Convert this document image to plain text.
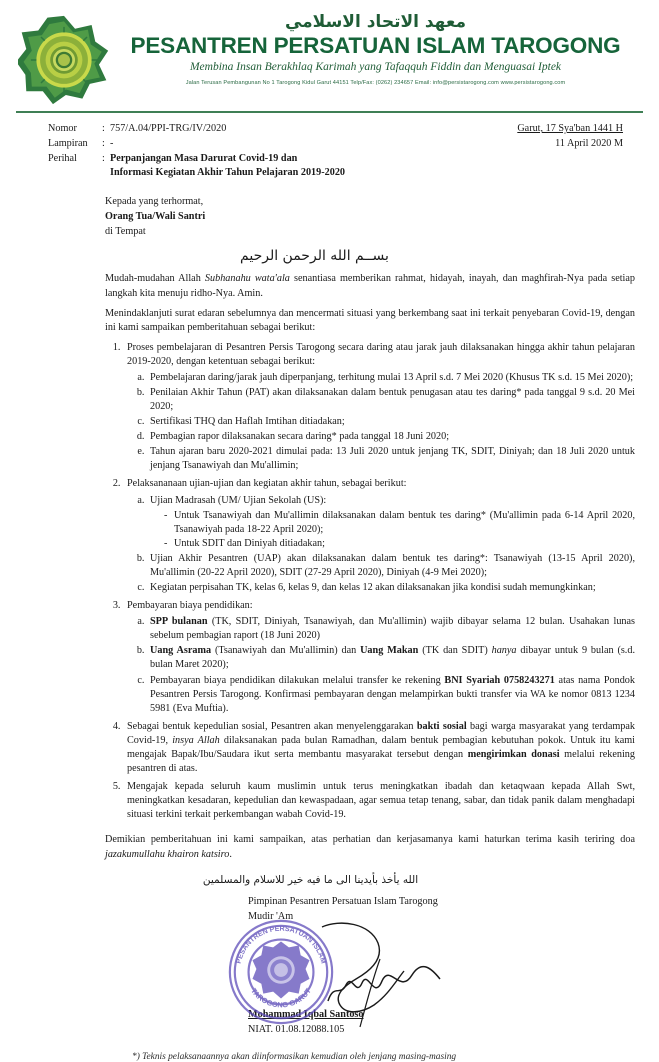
معهد الاتحاد الاسلامي
PESANTREN PERSATUAN ISLAM TAROGONG
Membina Insan Berakhlaq Karimah yang Tafaqquh Fiddin dan Menguasai Iptek
Jalan Terusan Pembangunan No 1 Tarogong Kidul Garut 44151 Telp/Fax: (0262) 234657 Email: info@persistarogong.com www.persistarogong.com
Nomor	: 757/A.04/PPI-TRG/IV/2020
Lampiran	: -
Perihal	: Perpanjangan Masa Darurat Covid-19 dan
Informasi Kegiatan Akhir Tahun Pelajaran 2019-2020
Garut, 17 Sya'ban 1441 H
11 April 2020 M
Kepada yang terhormat,
Orang Tua/Wali Santri
di Tempat
بســم الله الرحمن الرحيم

Mudah-mudahan Allah Subhanahu wata'ala senantiasa memberikan rahmat, hidayah, inayah, dan maghfirah-Nya pada setiap langkah kita menuju ridho-Nya. Amin.

Menindaklanjuti surat edaran sebelumnya dan mencermati situasi yang berkembang saat ini terkait penyebaran Covid-19, dengan ini kami sampaikan pemberitahuan sebagai berikut:

1. Proses pembelajaran di Pesantren Persis Tarogong secara daring atau jarak jauh dilaksanakan hingga akhir tahun pelajaran 2019-2020, dengan ketentuan sebagai berikut:
a. Pembelajaran daring/jarak jauh diperpanjang, terhitung mulai 13 April s.d. 7 Mei 2020 (Khusus TK s.d. 15 Mei 2020);
b. Penilaian Akhir Tahun (PAT) akan dilaksanakan dalam bentuk penugasan atau tes daring* pada tanggal 9 s.d. 20 Mei 2020;
c. Sertifikasi THQ dan Haflah Imtihan ditiadakan;
d. Pembagian rapor dilaksanakan secara daring* pada tanggal 18 Juni 2020;
e. Tahun ajaran baru 2020-2021 dimulai pada: 13 Juli 2020 untuk jenjang TK, SDIT, Diniyah; dan 18 Juli 2020 untuk jenjang Tsanawiyah dan Mu'allimin;
2. Pelaksananaan ujian-ujian dan kegiatan akhir tahun, sebagai berikut:
a. Ujian Madrasah (UM/ Ujian Sekolah (US):
- Untuk Tsanawiyah dan Mu'allimin dilaksanakan dalam bentuk tes daring* (Mu'allimin pada 6-14 April 2020, Tsanawiyah pada 18-22 April 2020);
- Untuk SDIT dan Diniyah ditiadakan;
b. Ujian Akhir Pesantren (UAP) akan dilaksanakan dalam bentuk tes daring*: Tsanawiyah (13-15 April 2020), Mu'allimin (20-22 April 2020), SDIT (27-29 April 2020), Diniyah (4-9 Mei 2020);
c. Kegiatan perpisahan TK, kelas 6, kelas 9, dan kelas 12 akan dilaksanakan jika kondisi sudah memungkinkan;
3. Pembayaran biaya pendidikan:
a. SPP bulanan (TK, SDIT, Diniyah, Tsanawiyah, dan Mu'allimin) wajib dibayar selama 12 bulan. Usahakan lunas sebelum pembagian raport (18 Juni 2020)
b. Uang Asrama (Tsanawiyah dan Mu'allimin) dan Uang Makan (TK dan SDIT) hanya dibayar untuk 9 bulan (s.d. bulan Maret 2020);
c. Pembayaran biaya pendidikan dilakukan melalui transfer ke rekening BNI Syariah 0758243271 atas nama Pondok Pesantren Persis Tarogong. Konfirmasi pembayaran dengan melampirkan bukti transfer via WA ke nomor 0813 1234 5981 (Eva Muftia).
4. Sebagai bentuk kepedulian sosial, Pesantren akan menyelenggarakan bakti sosial bagi warga masyarakat yang terdampak Covid-19, insya Allah dilaksanakan pada bulan Ramadhan, dalam bentuk pembagian kebutuhan pokok. Untuk itu kami mengajak Bapak/Ibu/Saudara ikut serta membantu masyarakat tersebut dengan mengirimkan donasi melalui rekening pesantren di atas.
5. Mengajak kepada seluruh kaum muslimin untuk terus meningkatkan ibadah dan ketaqwaan kepada Allah Swt, meningkatkan kesadaran, kepedulian dan kewaspadaan, agar semua tetap tenang, sabar, dan tidak panik dalam menghadapi situasi terkini terkait perkembangan wabah Covid-19.
Demikian pemberitahuan ini kami sampaikan, atas perhatian dan kerjasamanya kami haturkan terima kasih teriring doa jazakumullahu khairon katsiro.
الله يأخذ بأيدينا الى ما فيه خير للاسلام والمسلمين
PESANTREN PERSATUAN ISLAM
TAROGONG GARUT
Pimpinan Pesantren Persatuan Islam Tarogong
Mudir 'Am
Mohammad Iqbal Santoso
NIAT. 01.08.12088.105
*) Teknis pelaksanaannya akan diinformasikan kemudian oleh jenjang masing-masing
